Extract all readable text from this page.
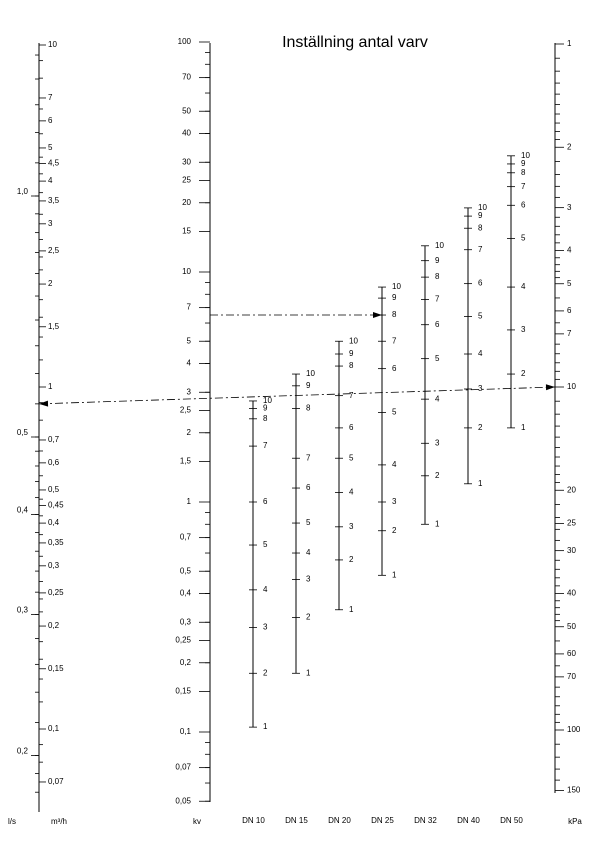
Inställning antal varv
1,0
0,5
0,4
0,3
0,2
10
7
6
5
4,5
4
3,5
3
2,5
2
1,5
1
0,7
0,6
0,5
0,45
0,4
0,35
0,3
0,25
0,2
0,15
0,1
0,07
l/s	m³/h
100
70
50
40
30
25
20
15
10
7
5
4
3
2,5
2
1,5
1
0,7
0,5
0,4
0,3
0,25
0,2
0,15
0,1
0,07
0,05
kv
1
2
3
4
5
6
7
8
9
10
1
2
3
4
5
6
7
8
9
10
1
2
3
4
5
6
7
8
9
10
1
2
3
4
5
6
7
8
9
10
1
2
3
4
5
6
7
8
9
10
1
2
3
4
5
6
7
8
9
10
1
2
3
4
5
6
7
8
9
10
DN 10	DN 15	DN 20	DN 25	DN 32	DN 40	DN 50
1
2
3
4
5
6
7
10
20
25
30
40
50
60
70
100
150
kPa
